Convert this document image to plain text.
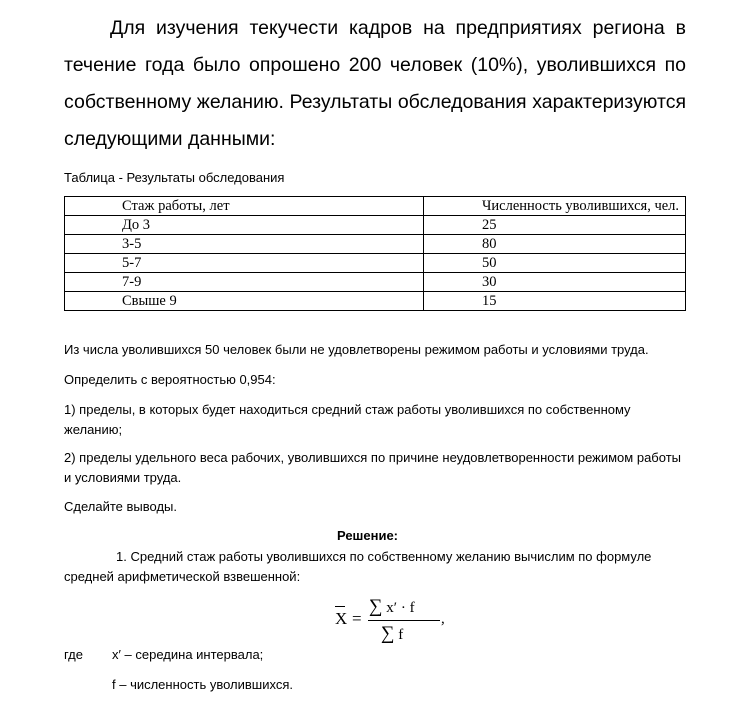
Для изучения текучести кадров на предприятиях региона в течение года было опрошено 200 человек (10%), уволившихся по собственному желанию. Результаты обследования характеризуются следующими данными:

Таблица - Результаты обследования

Стаж работы, лет	Численность уволившихся, чел.
До 3	25
3-5	80
5-7	50
7-9	30
Свыше 9	15

Из числа уволившихся 50 человек были не удовлетворены режимом работы и условиями труда.

Определить с вероятностью 0,954:

1) пределы, в которых будет находиться средний стаж работы уволившихся по собственному желанию;

2) пределы удельного веса рабочих, уволившихся по причине неудовлетворенности режимом работы и условиями труда.

Сделайте выводы.

Решение:

1. Средний стаж работы уволившихся по собственному желанию вычислим по формуле средней арифметической взвешенной:

X =
∑ x′ · f
∑ f
,
где x′ – середина интервала;
f – численность уволившихся.
